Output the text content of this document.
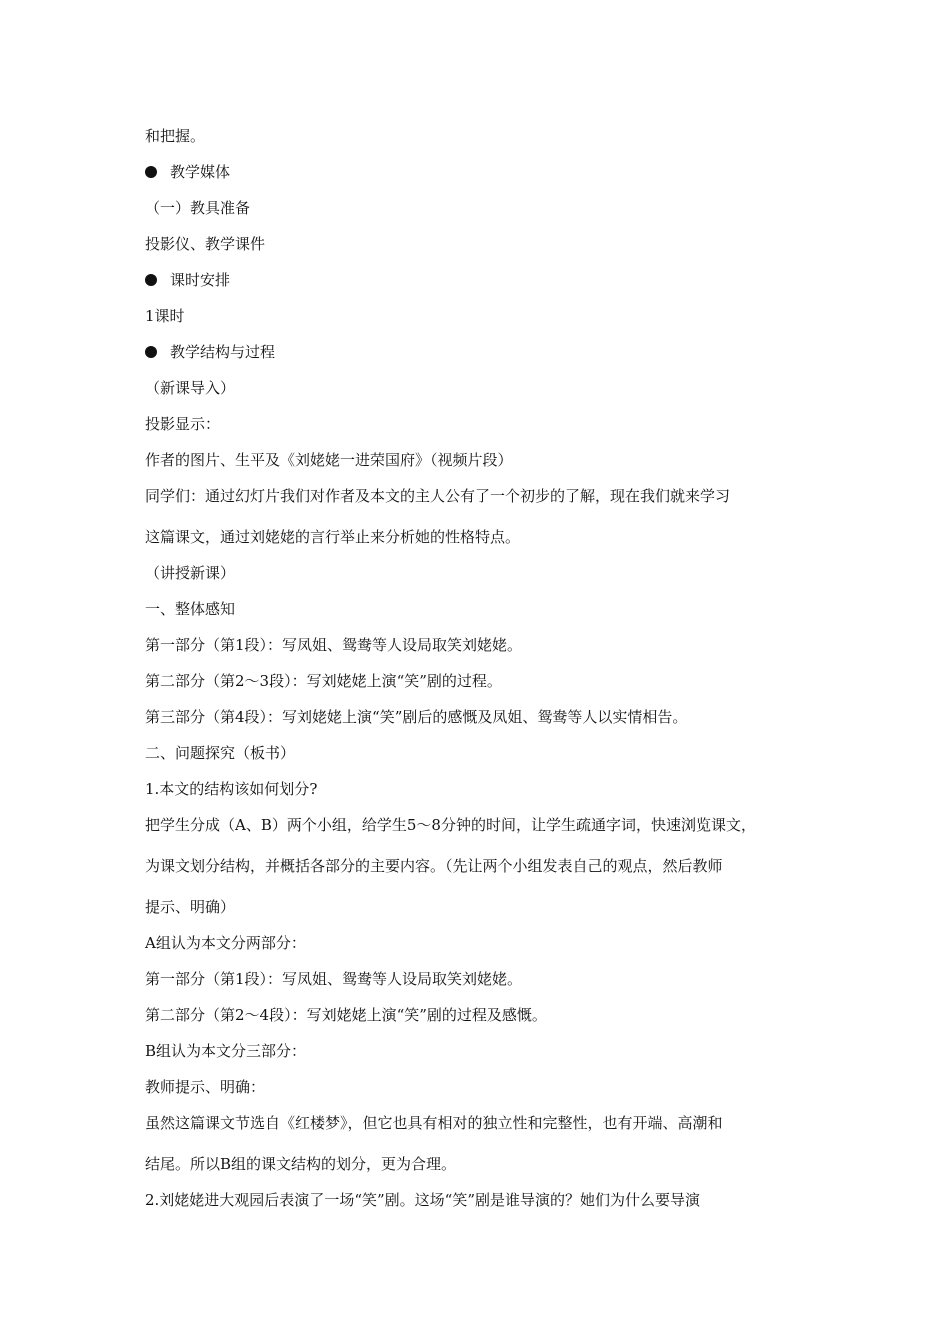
和把握。
教学媒体
（一）教具准备
投影仪、教学课件
课时安排
1课时
教学结构与过程
（新课导入）
投影显示：
作者的图片、生平及《刘姥姥一进荣国府》（视频片段）
同学们：通过幻灯片我们对作者及本文的主人公有了一个初步的了解，现在我们就来学习
这篇课文，通过刘姥姥的言行举止来分析她的性格特点。
（讲授新课）
一、整体感知
第一部分（第1段）：写凤姐、鸳鸯等人设局取笑刘姥姥。
第二部分（第2～3段）：写刘姥姥上演“笑”剧的过程。
第三部分（第4段）：写刘姥姥上演“笑”剧后的感慨及凤姐、鸳鸯等人以实情相告。
二、问题探究（板书）
1.本文的结构该如何划分?
把学生分成（A、B）两个小组，给学生5～8分钟的时间，让学生疏通字词，快速浏览课文，
为课文划分结构，并概括各部分的主要内容。（先让两个小组发表自己的观点，然后教师
提示、明确）
A组认为本文分两部分：
第一部分（第1段）：写凤姐、鸳鸯等人设局取笑刘姥姥。
第二部分（第2～4段）：写刘姥姥上演“笑”剧的过程及感慨。
B组认为本文分三部分：
教师提示、明确：
虽然这篇课文节选自《红楼梦》，但它也具有相对的独立性和完整性，也有开端、高潮和
结尾。所以B组的课文结构的划分，更为合理。
2.刘姥姥进大观园后表演了一场“笑”剧。这场“笑”剧是谁导演的？她们为什么要导演
